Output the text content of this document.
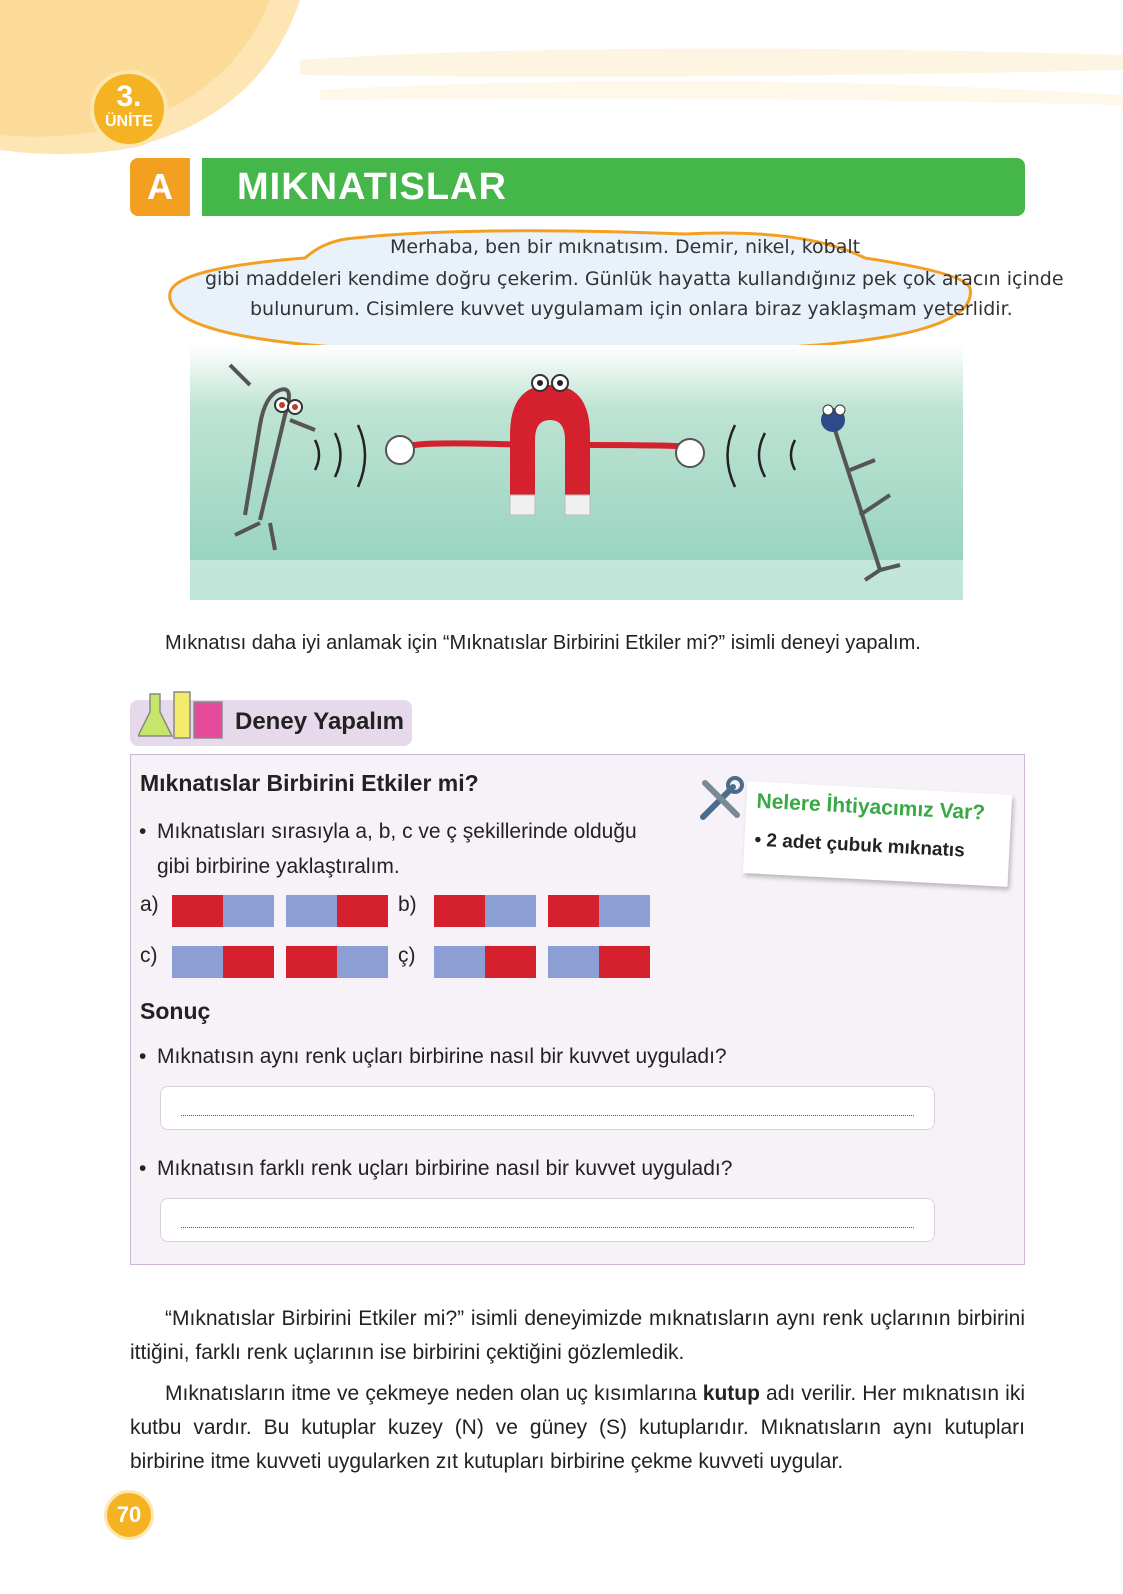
3.
ÜNİTE
A	MIKNATISLAR
Merhaba, ben bir mıknatısım. Demir, nikel, kobalt
gibi maddeleri kendime doğru çekerim. Günlük hayatta kullandığınız pek çok aracın içinde
bulunurum. Cisimlere kuvvet uygulamam için onlara biraz yaklaşmam yeterlidir.
Mıknatısı daha iyi anlamak için “Mıknatıslar Birbirini Etkiler mi?” isimli deneyi yapalım.
Deney Yapalım
Mıknatıslar Birbirini Etkiler mi?
• Mıknatısları sırasıyla a, b, c ve ç şekillerinde olduğu
gibi birbirine yaklaştıralım.
Nelere İhtiyacımız Var?
• 2 adet çubuk mıknatıs
a)	b)
c)	ç)
Sonuç
• Mıknatısın aynı renk uçları birbirine nasıl bir kuvvet uyguladı?
• Mıknatısın farklı renk uçları birbirine nasıl bir kuvvet uyguladı?
“Mıknatıslar Birbirini Etkiler mi?” isimli deneyimizde mıknatısların aynı renk uçlarının birbirini ittiğini, farklı renk uçlarının ise birbirini çektiğini gözlemledik.
Mıknatısların itme ve çekmeye neden olan uç kısımlarına kutup adı verilir. Her mıknatısın iki kutbu vardır. Bu kutuplar kuzey (N) ve güney (S) kutuplarıdır. Mıknatısların aynı kutupları birbirine itme kuvveti uygularken zıt kutupları birbirine çekme kuvveti uygular.
70
